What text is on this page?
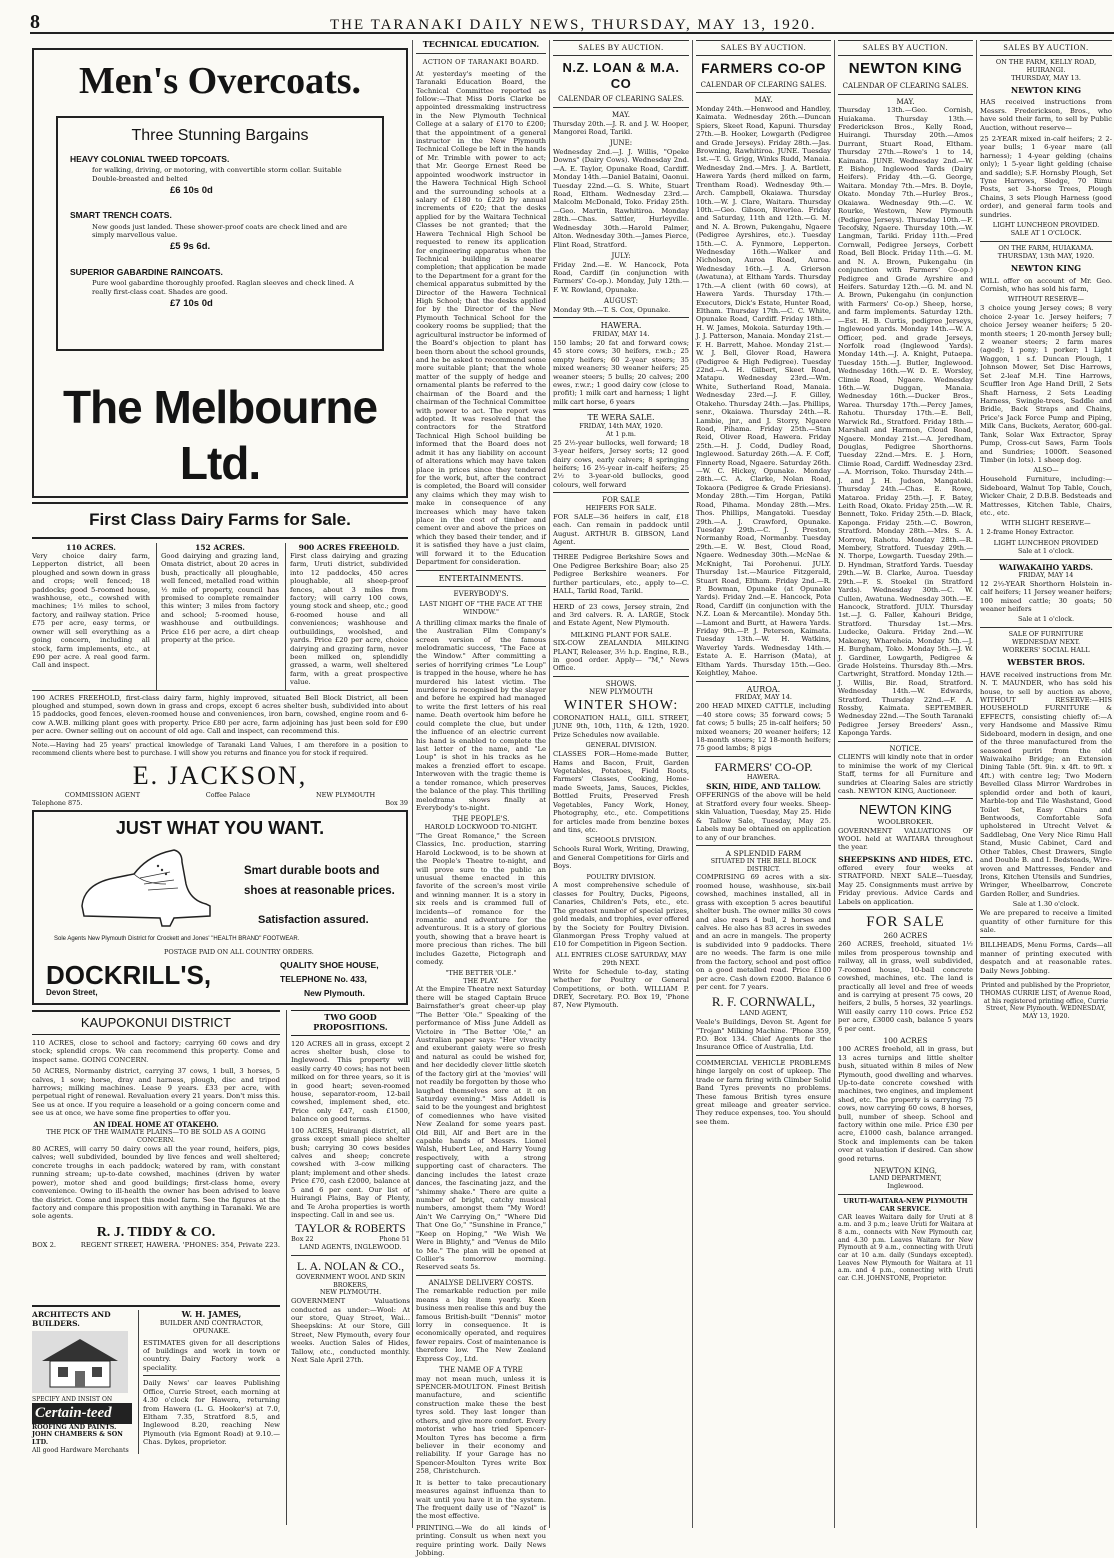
8	THE TARANAKI DAILY NEWS, THURSDAY, MAY 13, 1920.
Men's Overcoats.
Three Stunning Bargains
HEAVY COLONIAL TWEED TOPCOATS.
for walking, driving, or motoring, with convertible storm collar. Suitable Double-breasted and belted
£6 10s 0d
SMART TRENCH COATS.
New goods just landed. These shower-proof coats are check lined and are simply marvellous value.
£5 9s 6d.
SUPERIOR GABARDINE RAINCOATS.
Pure wool gabardine thoroughly proofed. Raglan sleeves and check lined. A really first-class coat. Shades are good.
£7 10s 0d
The Melbourne Ltd.
First Class Dairy Farms for Sale.
110 ACRES.
Very choice dairy farm, Lepperton district, all been ploughed and sown down in grass and crops; well fenced; 18 paddocks; good 5-roomed house, washhouse, etc., cowshed with machines; 1½ miles to school, factory, and railway station. Price £75 per acre, easy terms, or owner will sell everything as a going concern, including all stock, farm implements, etc., at £90 per acre. A real good farm. Call and inspect.
152 ACRES.
Good dairying and grazing land, Omata district, about 20 acres in bush, practically all ploughable, well fenced, metalled road within ½ mile of property, council has promised to complete remainder this winter; 3 miles from factory and school; 5-roomed house, washhouse and outbuildings. Price £16 per acre, a dirt cheap property at the price.
900 ACRES FREEHOLD.
First class dairying and grazing farm, Uruti district, subdivided into 12 paddocks, 450 acres ploughable, all sheep-proof fences, about 3 miles from factory; will carry 100 cows, young stock and sheep, etc.; good 6-roomed house and all conveniences; washhouse and outbuildings, woolshed, and yards. Price £20 per acre, choice dairying and grazing farm, never been milked on, splendidly grassed, a warm, well sheltered farm, with a great prospective value.
190 ACRES FREEHOLD, first-class dairy farm, highly improved, situated Bell Block District, all been ploughed and stumped, sown down in grass and crops, except 6 acres shelter bush, subdivided into about 15 paddocks, good fences, eleven-roomed house and conveniences, iron barn, cowshed, engine room and 6-cow A.W.B. milking plant goes with property. Price £80 per acre, farm adjoining has just been sold for £90 per acre. Owner selling out on account of old age. Call and inspect, can recommend this.
Note.—Having had 25 years' practical knowledge of Taranaki Land Values, I am therefore in a position to recommend clients where best to purchase. I will show you returns and finance you for stock if required.
E. JACKSON,
COMMISSION AGENT	Coffee Palace	NEW PLYMOUTH
Telephone 875.	Box 39
JUST WHAT YOU WANT.
Smart durable boots and
shoes at reasonable prices.
Satisfaction assured.
Sole Agents New Plymouth District for Crockett and Jones' "HEALTH BRAND" FOOTWEAR.
POSTAGE PAID ON ALL COUNTRY ORDERS.
DOCKRILL'S,
Devon Street,
QUALITY SHOE HOUSE,
TELEPHONE No. 433,
New Plymouth.
KAUPOKONUI DISTRICT
110 ACRES, close to school and factory; carrying 60 cows and dry stock; splendid crops. We can recommend this property. Come and inspect same. GOING CONCERN.
50 ACRES, Normanby district, carrying 37 cows, 1 bull, 3 horses, 5 calves, 1 sow; horse, dray and harness, plough, disc and tripod harrows; milking machines. Lease 9 years. £33 per acre, with perpetual right of renewal. Revaluation every 21 years. Don't miss this. See us at once. If you require a leasehold or a going concern come and see us at once, we have some fine properties to offer you.
AN IDEAL HOME AT OTAKEHO.
THE PICK OF THE WAIMATE PLAINS—TO BE SOLD AS A GOING CONCERN.
80 ACRES, will carry 50 dairy cows all the year round, heifers, pigs, calves; well subdivided, bounded by live fences and well sheltered; concrete troughs in each paddock; watered by ram, with constant running stream; up-to-date cowshed, machines (driven by water power), motor shed and good buildings; first-class home, every convenience. Owing to ill-health the owner has been advised to leave the district. Come and inspect this model farm. See the figures at the factory and compare this proposition with anything in Taranaki. We are sole agents.
R. J. TIDDY & CO.
BOX 2.	REGENT STREET, HAWERA. 'PHONES: 354, Private 223.
ARCHITECTS AND BUILDERS.
SPECIFY AND INSIST ON
Certain-teed
ROOFING AND PAINTS.
JOHN CHAMBERS & SON LTD.
All good Hardware Merchants
W. H. JAMES,
BUILDER AND CONTRACTOR, OPUNAKE.
ESTIMATES given for all descriptions of buildings and work in town or country. Dairy Factory work a speciality.
Daily News' car leaves Publishing Office, Currie Street, each morning at 4.30 o'clock for Hawera, returning from Hawera (L. G. Hooker's) at 7.0, Eltham 7.35, Stratford 8.5, and Inglewood 8.20, reaching New Plymouth (via Egmont Road) at 9.10.—Chas. Dykes, proprietor.
TWO GOOD PROPOSITIONS.
120 ACRES all in grass, except 2 acres shelter bush, close to Inglewood. This property will easily carry 40 cows; has not been milked on for three years, so it is in good heart; seven-roomed house, separator-room, 12-bail cowshed, implement shed, etc. Price only £47, cash £1500, balance on good terms.
100 ACRES, Huirangi district, all grass except small piece shelter bush; carrying 30 cows besides calves and sheep; concrete cowshed with 3-cow milking plant; implement and other sheds. Price £70, cash £2000, balance at 5 and 6 per cent. Our list of Huirangi Plains, Bay of Plenty, and Te Aroha properties is worth inspecting. Call in and see us.
TAYLOR & ROBERTS
Box 22	Phone 51
LAND AGENTS, INGLEWOOD.
L. A. NOLAN & CO.,
GOVERNMENT WOOL AND SKIN BROKERS,
NEW PLYMOUTH.
GOVERNMENT Valuations conducted as under:—Wool: At our store, Quay Street, Wai... Sheepskins: At our Store, Gill Street, New Plymouth, every four weeks. Auction Sales of Hides, Tallow, etc., conducted monthly. Next Sale April 27th.
TECHNICAL EDUCATION.
ACTION OF TARANAKI BOARD.
At yesterday's meeting of the Taranaki Education Board, the Technical Committee reported as follow:—That Miss Doris Clarke be appointed dressmaking instructress in the New Plymouth Technical College at a salary of £170 to £200; that the appointment of a general instructor in the New Plymouth Technical College be left in the hands of Mr. Trimble with power to act; that Mr. George Ernest Reed be appointed woodwork instructor in the Hawera Technical High School and the surrounding schools at a salary of £180 to £220 by annual increments of £20; that the desks applied for by the Waitara Technical Classes be not granted; that the Hawera Technical High School be requested to renew its application for engineering apparatus when the Technical building is nearer completion; that application be made to the Department for a grant for the chemical apparatus submitted by the Director of the Hawera Technical High School; that the desks applied for by the Director of the New Plymouth Technical School for the cookery rooms be supplied; that the agricultural instructor be informed of the Board's objection to plant has been thorn about the school grounds, and he be asked to recommend some more suitable plant; that the whole matter of the supply of hedge and ornamental plants be referred to the chairman of the Board and the chairman of the Technical Committee with power to act. The report was adopted. It was resolved that the contractors for the Stratford Technical High School building be informed that the Board does not admit it has any liability on account of alterations which may have taken place in prices since they tendered for the work, but, after the contract is completed, the Board will consider any claims which they may wish to make in consequence of any increases which may have taken place in the cost of timber and cement over and above the prices on which they based their tender, and if it is satisfied they have a just claim, will forward it to the Education Department for consideration.
ENTERTAINMENTS.
EVERYBODY'S.
LAST NIGHT OF "THE FACE AT THE WINDOW."
A thrilling climax marks the finale of the Australian Film Company's screen version of the famous melodramatic success, "The Face at the Window." After committing a series of horrifying crimes "Le Loup" is trapped in the house, where he has murdered his latest victim. The murderer is recognised by the slayer and before he expired had managed to write the first letters of his real name. Death overtook him before he could complete the clue, but under the influence of an electric current his hand is enabled to complete the last letter of the name, and "Le Loup" is shot in his tracks as he makes a frenzied effort to escape. Interwoven with the tragic theme is a tender romance, which preserves the balance of the play. This thrilling melodrama shows finally at Everybody's to-night.
THE PEOPLE'S.
HAROLD LOCKWOOD TO-NIGHT.
"The Great Romance," the Screen Classics, Inc. production, starring Harold Lockwood, is to be shown at the People's Theatre to-night, and will prove sure to the public an unusual theme enacted in this favorite of the screen's most virile and winning manner. It is a story in six reels and is crammed full of incidents—of romance for the romantic and adventure for the adventurous. It is a story of glorious youth, showing that a brave heart is more precious than riches. The bill includes Gazette, Pictograph and comedy.
"THE BETTER 'OLE."
THE PLAY.
At the Empire Theatre next Saturday there will be staged Captain Bruce Bairnsfather's great cheer-up play "The Better 'Ole." Speaking of the performance of Miss June Addell as Victoire in "The Better 'Ole," an Australian paper says: "Her vivacity and exuberant gaiety were so fresh and natural as could be wished for, and her decidedly clever little sketch of the factory girl at the 'movies' will not readily be forgotten by those who laughed themselves sore at it on Saturday evening." Miss Addell is said to be the youngest and brightest of comediennes who have visited New Zealand for some years past. Old Bill, Alf and Bert are in the capable hands of Messrs. Lionel Walsh, Hubert Lee, and Harry Young respectively, with a strong supporting cast of characters. The dancing includes the latest craze dances, the fascinating jazz, and the "shimmy shake." There are quite a number of bright, catchy musical numbers, amongst them "My Word! Ain't We Carrying On," "Where Did That One Go," "Sunshine in France," "Keep on Hoping," "We Wish We Were in Blighty," and "Venus de Milo to Me." The plan will be opened at Collier's tomorrow morning. Reserved seats 5s.
ANALYSE DELIVERY COSTS.
The remarkable reduction per mile means a big item yearly. Keen business men realise this and buy the famous British-built "Dennis" motor lorry in consequence. It is economically operated, and requires fewer repairs. Cost of maintenance is therefore low. The New Zealand Express Coy., Ltd.
THE NAME OF A TYRE
may not mean much, unless it is SPENCER-MOULTON. Finest British manufacture, and scientific construction make these the best tyres sold. They last longer than others, and give more comfort. Every motorist who has tried Spencer-Moulton Tyres has become a firm believer in their economy and reliability. If your Garage has no Spencer-Moulton Tyres write Box 258, Christchurch.
It is better to take precautionary measures against influenza than to wait until you have it in the system. The frequent daily use of "Nazol" is the most effective.
PRINTING.—We do all kinds of printing. Consult us when next you require printing work. Daily News Jobbing.
SALES BY AUCTION.
N.Z. LOAN & M.A. CO
CALENDAR OF CLEARING SALES.
MAY.
Thursday 20th.—J. R. and J. W. Hooper, Mangorei Road, Tarikl.
JUNE:
Wednesday 2nd.—J. J. Willis, "Opeke Downs" (Dairy Cows). Wednesday 2nd.—A. E. Taylor, Opunake Road, Cardiff. Monday 14th.—Daniel Bataini, Oaonui. Tuesday 22nd.—G. S. White, Stuart Road, Eltham. Wednesday 23rd.—Malcolm McDonald, Toko. Friday 25th.—Geo. Martin, Rawhitiroa. Monday 28th.—Chas. Sattler, Hurleyville. Wednesday 30th.—Harold Palmer, Alton. Wednesday 30th.—James Pierce, Flint Road, Stratford.
JULY:
Friday 2nd.—E. W. Hancock, Pota Road, Cardiff (in conjunction with Farmers' Co-op.). Monday, July 12th.—F. W. Rowland, Opunake.
AUGUST:
Monday 9th.—T. S. Cox, Opunake.
HAWERA.
FRIDAY, MAY 14.
150 lambs; 20 fat and forward cows; 45 store cows; 30 heifers, r.w.b.; 25 empty heifers; 60 2-year steers; 35 mixed weaners; 30 weaner heifers; 25 weaner steers; 5 bulls; 20 calves; 200 ewes, r.w.r.; 1 good dairy cow (close to profit); 1 milk cart and harness; 1 light milk cart horse, 6 years
TE WERA SALE.
FRIDAY, 14th MAY, 1920.
At 1 p.m.
25 2½-year bullocks, well forward; 18 3-year heifers, Jersey sorts; 12 good dairy cows, early calvers; 8 springing heifers; 16 2½-year in-calf heifers; 25 2½ to 3-year-old bullocks, good colours, well forward
FOR SALE
HEIFERS FOR SALE.
FOR SALE—36 heifers in calf, £18 each. Can remain in paddock until August. ARTHUR B. GIBSON, Land Agent.
THREE Pedigree Berkshire Sows and One Pedigree Berkshire Boar; also 25 Pedigree Berkshire weaners. For further particulars, etc., apply to—C. HALL, Tarikl Road, Tarikl.
HERD of 23 cows, Jersey strain, 2nd and 3rd calvers. R. A. LARGE, Stock and Estate Agent, New Plymouth.
MILKING PLANT FOR SALE.
SIX-COW ZEALANDIA MILKING PLANT, Releaser, 3½ h.p. Engine, R.B., in good order. Apply— "M," News Office.
SHOWS.
NEW PLYMOUTH
WINTER SHOW:
CORONATION HALL, GILL STREET, JUNE 9th, 10th, 11th, & 12th, 1920. Prize Schedules now available.
GENERAL DIVISION.
CLASSES FOR—Home-made Butter, Hams and Bacon, Fruit, Garden Vegetables, Potatoes, Field Roots, Farmers' Classes, Cooking, Home-made Sweets, Jams, Sauces, Pickles, Bottled Fruits, Preserved Fresh Vegetables, Fancy Work, Honey, Photography, etc., etc. Competitions for articles made from benzine boxes and tins, etc.
SCHOOLS DIVISION.
Schools Rural Work, Writing, Drawing, and General Competitions for Girls and Boys.
POULTRY DIVISION.
A most comprehensive schedule of classes for Poultry, Ducks, Pigeons, Canaries, Children's Pets, etc., etc. The greatest number of special prizes, gold medals, and trophies, ever offered by the Society for Poultry Division. Glanmorgan Press Trophy valued at £10 for Competition in Pigeon Section.
ALL ENTRIES CLOSE SATURDAY, MAY 29th NEXT.
Write for Schedule to-day, stating whether for Poultry or General Competitions, or both. WILLIAM P. DREY, Secretary. P.O. Box 19, 'Phone 87, New Plymouth.
SALES BY AUCTION.
FARMERS CO-OP
CALENDAR OF CLEARING SALES.
MAY.
Monday 24th.—Henwood and Handley, Kaimata. Wednesday 26th.—Duncan Spiers, Skeet Road, Kapuni. Thursday 27th.—B. Hooker, Lowgarth (Pedigree and Grade Jerseys). Friday 28th.—Jas. Browning, Rawhitiroa. JUNE. Tuesday 1st.—T. G. Grigg, Winks Rudd, Manaia. Wednesday 2nd.—Mrs. J. A. Bartlett, Hawera Yards (herd milked on farm, Trentham Road). Wednesday 9th.—Arch. Campbell, Okaiawa. Thursday 10th.—W. J. Clare, Waitara. Thursday 10th.—Geo. Gibson, Riverlea. Friday and Saturday, 11th and 12th.—G. M. and N. A. Brown, Pukengahu, Ngaere (Pedigree Ayrshires, etc.). Tuesday 15th.—C. A. Fynmore, Lepperton. Wednesday 16th.—Walker and Nicholson, Auroa Road, Auroa. Wednesday 16th.—J. A. Grierson (Awatuna), at Eltham Yards. Thursday 17th.—A client (with 60 cows), at Hawera Yards. Thursday 17th.—Executors, Dick's Estate, Hunter Road, Eltham. Thursday 17th.—C. C. White, Opunake Road, Cardiff. Friday 18th.—H. W. James, Mokoia. Saturday 19th.—J. J. Patterson, Manaia. Monday 21st.—F. H. Barrett, Mahoe. Monday 21st.—W. J. Bell, Glover Road, Hawera (Pedigree & High Pedigree). Tuesday 22nd.—A. H. Gilbert, Skeet Road, Matapu. Wednesday 23rd.—Wm. White, Sutherland Road, Manaia. Wednesday 23rd.—J. F. Gilley, Otakeho. Thursday 24th.—Jas. Phillips, senr., Okaiawa. Thursday 24th.—R. Lambie, jnr., and J. Storry, Ngaere Road, Pihama. Friday 25th.—Stan Reid, Oliver Road, Hawera. Friday 25th.—H. J. Codd, Dudley Road, Inglewood. Saturday 26th.—A. F. Coff, Finnerty Road, Ngaere. Saturday 26th.—W. C. Hickey, Opunake. Monday 28th.—C. A. Clarke, Nolan Road, Tokaora (Pedigree & Grade Friesians). Monday 28th.—Tim Horgan, Patiki Road, Pihama. Monday 28th.—Mrs. Thos. Phillips, Mangatoki. Tuesday 29th.—A. J. Crawford, Opunake. Tuesday 29th.—C. J. Preston, Normanby Road, Normanby. Tuesday 29th.—E. W. Best, Cloud Road, Ngaere. Wednesday 30th.—McNae & McKnight, Tai Porohenui. JULY. Thursday 1st.—Maurice Fitzgerald, Stuart Road, Eltham. Friday 2nd.—R. P. Bowman, Opunake (at Opunake Yards). Friday 2nd.—E. Hancock, Pota Road, Cardiff (in conjunction with the N.Z. Loan & Mercantile). Monday 5th.—Lamont and Burtt, at Hawera Yards. Friday 9th.—P. J. Peterson, Kaimata. Tuesday 13th.—W. H. Watkins, Waverley Yards. Wednesday 14th.—Estate A. E. Harrison (Mata), at Eltham Yards. Thursday 15th.—Geo. Keightley, Mahoe.
AUROA.
FRIDAY, MAY 14.
200 HEAD MIXED CATTLE, including—40 store cows; 35 forward cows; 5 fat cows; 5 bulls; 25 in-calf heifers; 50 mixed weaners; 20 weaner heifers; 12 18-month steers; 12 18-month heifers; 75 good lambs; 8 pigs
FARMERS' CO-OP.
HAWERA.
SKIN, HIDE, AND TALLOW.
OFFERINGS of the above will be held at Stratford every four weeks. Sheep-skin Valuation, Tuesday, May 25. Hide & Tallow Sale, Tuesday, May 25. Labels may be obtained on application to any of our branches.
A SPLENDID FARM
SITUATED IN THE BELL BLOCK DISTRICT.
COMPRISING 69 acres with a six-roomed house, washhouse, six-bail cowshed, machines installed, all in grass with exception 5 acres beautiful shelter bush. The owner milks 30 cows and also rears 4 bull, 2 horses and calves. He also has 83 acres in swedes and an acre in mangels. The property is subdivided into 9 paddocks. There are no weeds. The farm is one mile from the factory, school and post office on a good metalled road. Price £100 per acre. Cash down £2000. Balance 6 per cent. for 7 years.
R. F. CORNWALL,
LAND AGENT,
Veale's Buildings, Devon St. Agent for "Trojan" Milking Machine. 'Phone 359, P.O. Box 134. Chief Agents for the Insurance Office of Australia, Ltd.
COMMERCIAL VEHICLE PROBLEMS hinge largely on cost of upkeep. The trade or farm firing with Climber Solid Band Tyres prevents no problems. These famous British tyres ensure great mileage and greater service. They reduce expenses, too. You should see them.
SALES BY AUCTION.
NEWTON KING
CALENDAR OF CLEARING SALES.
MAY.
Thursday 13th.—Geo. Cornish, Huiakama. Thursday 13th.—Frederickson Bros., Kelly Road, Huirangi. Thursday 20th.—Amos Durrant, Stuart Road, Eltham. Thursday 27th.—Rowe's 1 to 14, Kaimata. JUNE. Wednesday 2nd.—W. P. Bishop, Inglewood Yards (Dairy Heifers). Friday 4th.—G. George, Waitara. Monday 7th.—Mrs. B. Doyle, Okato. Monday 7th.—Hurley Bros., Okaiawa. Wednesday 9th.—C. W. Rourke, Westown, New Plymouth (Pedigree Jerseys). Thursday 10th.—F. Tecofsky, Ngaere. Thursday 10th.—W. Langman, Tariki. Friday 11th.—Fred Cornwall, Pedigree Jerseys, Corbett Road, Bell Block. Friday 11th.—G. M. and N. A. Brown, Pukengahu (in conjunction with Farmers' Co-op.) Pedigree and Grade Ayrshire and Heifers. Saturday 12th.—G. M. and N. A. Brown, Pukengahu (in conjunction with Farmers' Co-op.) Sheep, horse, and farm implements. Saturday 12th.—Est. H. B. Curtis, pedigree Jerseys, Inglewood yards. Monday 14th.—W. A. Officer, ped. and grade Jerseys, Norfolk road (Inglewood Yards). Monday 14th.—J. A. Knight, Putaepa. Tuesday 15th.—J. Butler, Inglewood. Wednesday 16th.—W. D. E. Worsley, Climie Road, Ngaere. Wednesday 16th.—W. Duggan, Manaia. Wednesday 16th.—Ducker Bros., Warea. Thursday 17th.—Percy James, Rahotu. Thursday 17th.—E. Bell, Warwick Rd., Stratford. Friday 18th.—Marshall and Harmon, Cloud Road, Ngaere. Monday 21st.—A. Jeredham, Douglas, Pedigree Shorthorns. Tuesday 22nd.—Mrs. E. J. Horn, Climie Road, Cardiff. Wednesday 23rd.—A. Morrison, Toko. Thursday 24th.—J. and J. H. Judson, Mangatoki. Thursday 24th.—Chas. E. Rowe, Mataroa. Friday 25th.—J. F. Batey, Leith Road, Okato. Friday 25th.—W. R. Bennett, Toko. Friday 25th.—D. Black, Kaponga. Friday 25th.—C. Bowron, Stratford. Monday 28th.—Mrs. S. A. Morrow, Rahotu. Monday 28th.—R. Membery, Stratford. Tuesday 29th.—N. Thorpe, Lowgarth. Tuesday 29th.—D. Hyndman, Stratford Yards. Tuesday 29th.—W. B. Clarke, Auroa. Tuesday 29th.—F. S. Stoekel (in Stratford Yards). Wednesday 30th.—C. W. Cullen, Awatuna. Wednesday 30th.—E. Hancock, Stratford. JULY. Thursday 1st.—J. G. Faller, Kahouri Bridge, Stratford. Thursday 1st.—Mrs. Ludecke, Oakura. Friday 2nd.—W. Makeney, Whareheia. Monday 5th.—J. H. Burgham, Toko. Monday 5th.—J. W. J. Gardiner, Lowgarth, Pedigree & Grade Holsteins. Thursday 8th.—Mrs. Cartwright, Stratford. Monday 12th.—J. Willis, Bir. Road, Stratford. Wednesday 14th.—W. Edwards, Stratford. Thursday 22nd.—F. A. Rossby, Kaimata. SEPTEMBER. Wednesday 22nd.—The South Taranaki Pedigree Jersey Breeders' Assn., Kaponga Yards.
NOTICE.
CLIENTS will kindly note that in order to minimise the work of my Clerical Staff, terms for all Furniture and sundries at Clearing Sales are strictly cash. NEWTON KING, Auctioneer.
NEWTON KING
WOOLBROKER.
GOVERNMENT VALUATIONS OF WOOL held at WAITARA throughout the year.
SHEEPSKINS AND HIDES, ETC.
offered every four weeks at STRATFORD. NEXT SALE—Tuesday, May 25. Consignments must arrive by Friday previous. Advice Cards and Labels on application.
FOR SALE
260 ACRES
260 ACRES, freehold, situated 1½ miles from prosperous township and railway, all in grass, well subdivided, 7-roomed house, 10-bail concrete cowshed, machines, etc. The land is practically all level and free of weeds and is carrying at present 75 cows, 20 heifers, 2 bulls, 5 horses, 32 yearlings. Will easily carry 110 cows. Price £52 per acre, £3000 cash, balance 5 years 6 per cent.
100 ACRES
100 ACRES freehold, all in grass, but 13 acres turnips and little shelter bush, situated within 8 miles of New Plymouth, good dwelling and wharves. Up-to-date concrete cowshed with machines, two engines, and implement shed, etc. The property is carrying 75 cows, now carrying 60 cows, 8 horses, bull, number of sheep. School and factory within one mile. Price £30 per acre, £1000 cash, balance arranged. Stock and implements can be taken over at valuation if desired. Can show good returns.
NEWTON KING,
LAND DEPARTMENT,
Inglewood.
URUTI-WAITARA-NEW PLYMOUTH CAR SERVICE.
CAR leaves Waitara daily for Uruti at 8 a.m. and 3 p.m.; leave Uruti for Waitara at 8 a.m., connects with New Plymouth car, and 4.30 p.m. Leaves Waitara for New Plymouth at 9 a.m., connecting with Uruti car at 10 a.m. daily (Sundays excepted). Leaves New Plymouth for Waitara at 11 a.m. and 4 p.m., connecting with Uruti car. C.H. JOHNSTONE, Proprietor.
SALES BY AUCTION.
ON THE FARM, KELLY ROAD, HUIRANGI.
THURSDAY, MAY 13.
NEWTON KING
HAS received instructions from Messrs. Frederickson, Bros., who have sold their farm, to sell by Public Auction, without reserve—
25 2-YEAR mixed in-calf heifers; 2 2-year bulls; 1 6-year mare (all harness); 1 4-year gelding (chains only); 1 5-year light gelding (chaise and saddle); S.F. Hornsby Plough, Set Tyne Harrows, Sledge, 70 Rimu Posts, set 3-horse Trees, Plough Chains, 3 sets Plough Harness (good order), and general farm tools and sundries.
LIGHT LUNCHEON PROVIDED.
SALE AT 1 O'CLOCK.
ON THE FARM, HUIAKAMA.
THURSDAY, 13th MAY, 1920.
NEWTON KING
WILL offer on account of Mr. Geo. Cornish, who has sold his farm,
WITHOUT RESERVE—
3 choice young Jersey cows; 8 very choice 2-year 1c. Jersey heifers; 7 choice Jersey weaner heifers; 5 20-month steers; 1 20-month Jersey bull; 2 weaner steers; 2 farm mares (aged); 1 pony; 1 porker; 1 Light Waggon, 1 s.f. Duncan Plough, 1 Johnson Mower, Set Disc Harrows, Set 2-leaf M.H. Tine Harrows, Scuffler Iron Age Hand Drill, 2 Sets Shaft Harness, 2 Sets Leading Harness, Swingle-trees, Saddle and Bridle, Back Straps and Chains, Price's Jack Force Pump and Piping, Milk Cans, Buckets, Aerator, 600-gal. Tank, Solar Wax Extractor, Spray Pump, Cross-cut Saws, Farm Tools and Sundries; 1000ft. Seasoned Timber (in lots). 1 sheep dog.
ALSO—
Household Furniture, including:—Sideboard, Walnut Top Table, Couch, Wicker Chair, 2 D.B.B. Bedsteads and Mattresses, Kitchen Table, Chairs, etc., etc.
WITH SLIGHT RESERVE—
1 2-frame Honey Extractor.
LIGHT LUNCHEON PROVIDED
Sale at 1 o'clock.
WAIWAKAIHO YARDS.
FRIDAY, MAY 14
12 2½-YEAR Shorthorn Holstein in-calf heifers; 11 Jersey weaner heifers; 100 mixed cattle; 30 goats; 50 weaner heifers
Sale at 1 o'clock.
SALE OF FURNITURE
WEDNESDAY NEXT.
WORKERS' SOCIAL HALL
WEBSTER BROS.
HAVE received instructions from Mr. N. T. MAUNDER, who has sold his house, to sell by auction as above, WITHOUT RESERVE:—HIS HOUSEHOLD FURNITURE & EFFECTS, consisting chiefly of:—A very Handsome and Massive Rimu Sideboard, modern in design, and one of the three manufactured from the seasoned puriri from the old Waiwakaiho Bridge; an Extension Dining Table (5ft. 9in. x 4ft. to 9ft. x 4ft.) with centre leg; Two Modern Bevelled Glass Mirror Wardrobes in splendid order and both of kauri, Marble-top and Tile Washstand, Good Toilet Set, Easy Chairs and Bentwoods, Comfortable Sofa upholstered in Utrecht Velvet & Saddlebag, One Very Nice Rimu Hall Stand, Music Cabinet, Card and Other Tables, Chest Drawers, Single and Double B. and I. Bedsteads, Wire-woven and Mattresses, Fender and Irons, Kitchen Utensils and Sundries, Wringer, Wheelbarrow, Concrete Garden Roller, and Sundries.
Sale at 1.30 o'clock.
We are prepared to receive a limited quantity of other furniture for this sale.
BILLHEADS, Menu Forms, Cards—all manner of printing executed with despatch and at reasonable rates. Daily News Jobbing.
Printed and published by the Proprietor, THOMAS CURRIE LIST, of Avenue Road, at his registered printing office, Currie Street, New Plymouth. WEDNESDAY, MAY 13, 1920.
